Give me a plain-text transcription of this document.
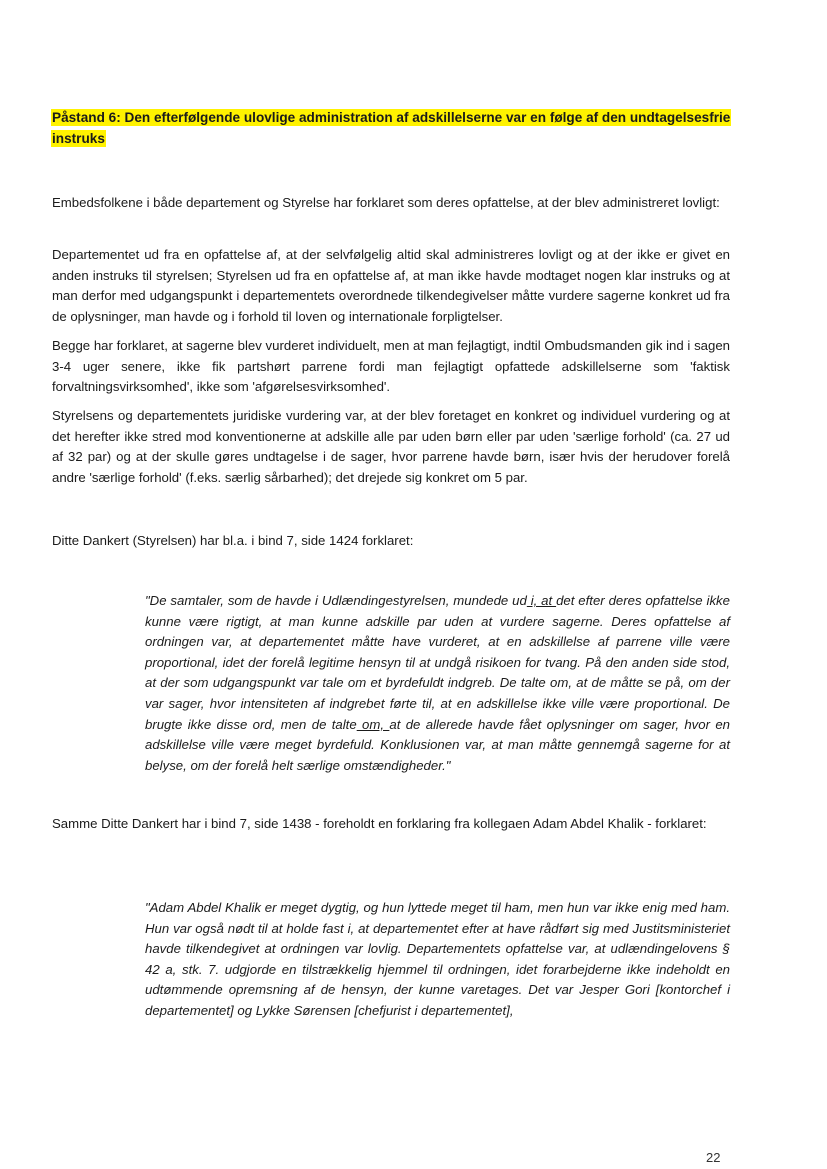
Påstand 6: Den efterfølgende ulovlige administration af adskillelserne var en følge af den undtagelsesfrie instruks

Embedsfolkene i både departement og Styrelse har forklaret som deres opfattelse, at der blev administreret lovligt:

Departementet ud fra en opfattelse af, at der selvfølgelig altid skal administreres lovligt og at der ikke er givet en anden instruks til styrelsen; Styrelsen ud fra en opfattelse af, at man ikke havde modtaget nogen klar instruks og at man derfor med udgangspunkt i departementets overordnede tilkendegivelser måtte vurdere sagerne konkret ud fra de oplysninger, man havde og i forhold til loven og internationale forpligtelser.

Begge har forklaret, at sagerne blev vurderet individuelt, men at man fejlagtigt, indtil Ombudsmanden gik ind i sagen 3-4 uger senere, ikke fik partshørt parrene fordi man fejlagtigt opfattede adskillelserne som 'faktisk forvaltningsvirksomhed', ikke som 'afgørelsesvirksomhed'.

Styrelsens og departementets juridiske vurdering var, at der blev foretaget en konkret og individuel vurdering og at det herefter ikke stred mod konventionerne at adskille alle par uden børn eller par uden 'særlige forhold' (ca. 27 ud af 32 par) og at der skulle gøres undtagelse i de sager, hvor parrene havde børn, især hvis der herudover forelå andre 'særlige forhold' (f.eks. særlig sårbarhed); det drejede sig konkret om 5 par.

Ditte Dankert (Styrelsen) har bl.a. i bind 7, side 1424 forklaret:

"De samtaler, som de havde i Udlændingestyrelsen, mundede ud i, at det efter deres opfattelse ikke kunne være rigtigt, at man kunne adskille par uden at vurdere sagerne. Deres opfattelse af ordningen var, at departementet måtte have vurderet, at en adskillelse af parrene ville være proportional, idet der forelå legitime hensyn til at undgå risikoen for tvang. På den anden side stod, at der som udgangspunkt var tale om et byrdefuldt indgreb. De talte om, at de måtte se på, om der var sager, hvor intensiteten af indgrebet førte til, at en adskillelse ikke ville være proportional. De brugte ikke disse ord, men de talte om, at de allerede havde fået oplysninger om sager, hvor en adskillelse ville være meget byrdefuld. Konklusionen var, at man måtte gennemgå sagerne for at belyse, om der forelå helt særlige omstændigheder."

Samme Ditte Dankert har i bind 7, side 1438 - foreholdt en forklaring fra kollegaen Adam Abdel Khalik - forklaret:

"Adam Abdel Khalik er meget dygtig, og hun lyttede meget til ham, men hun var ikke enig med ham. Hun var også nødt til at holde fast i, at departementet efter at have rådført sig med Justitsministeriet havde tilkendegivet at ordningen var lovlig. Departementets opfattelse var, at udlændingelovens § 42 a, stk. 7. udgjorde en tilstrækkelig hjemmel til ordningen, idet forarbejderne ikke indeholdt en udtømmende opremsning af de hensyn, der kunne varetages. Det var Jesper Gori [kontorchef i departementet] og Lykke Sørensen [chefjurist i departementet],

22
